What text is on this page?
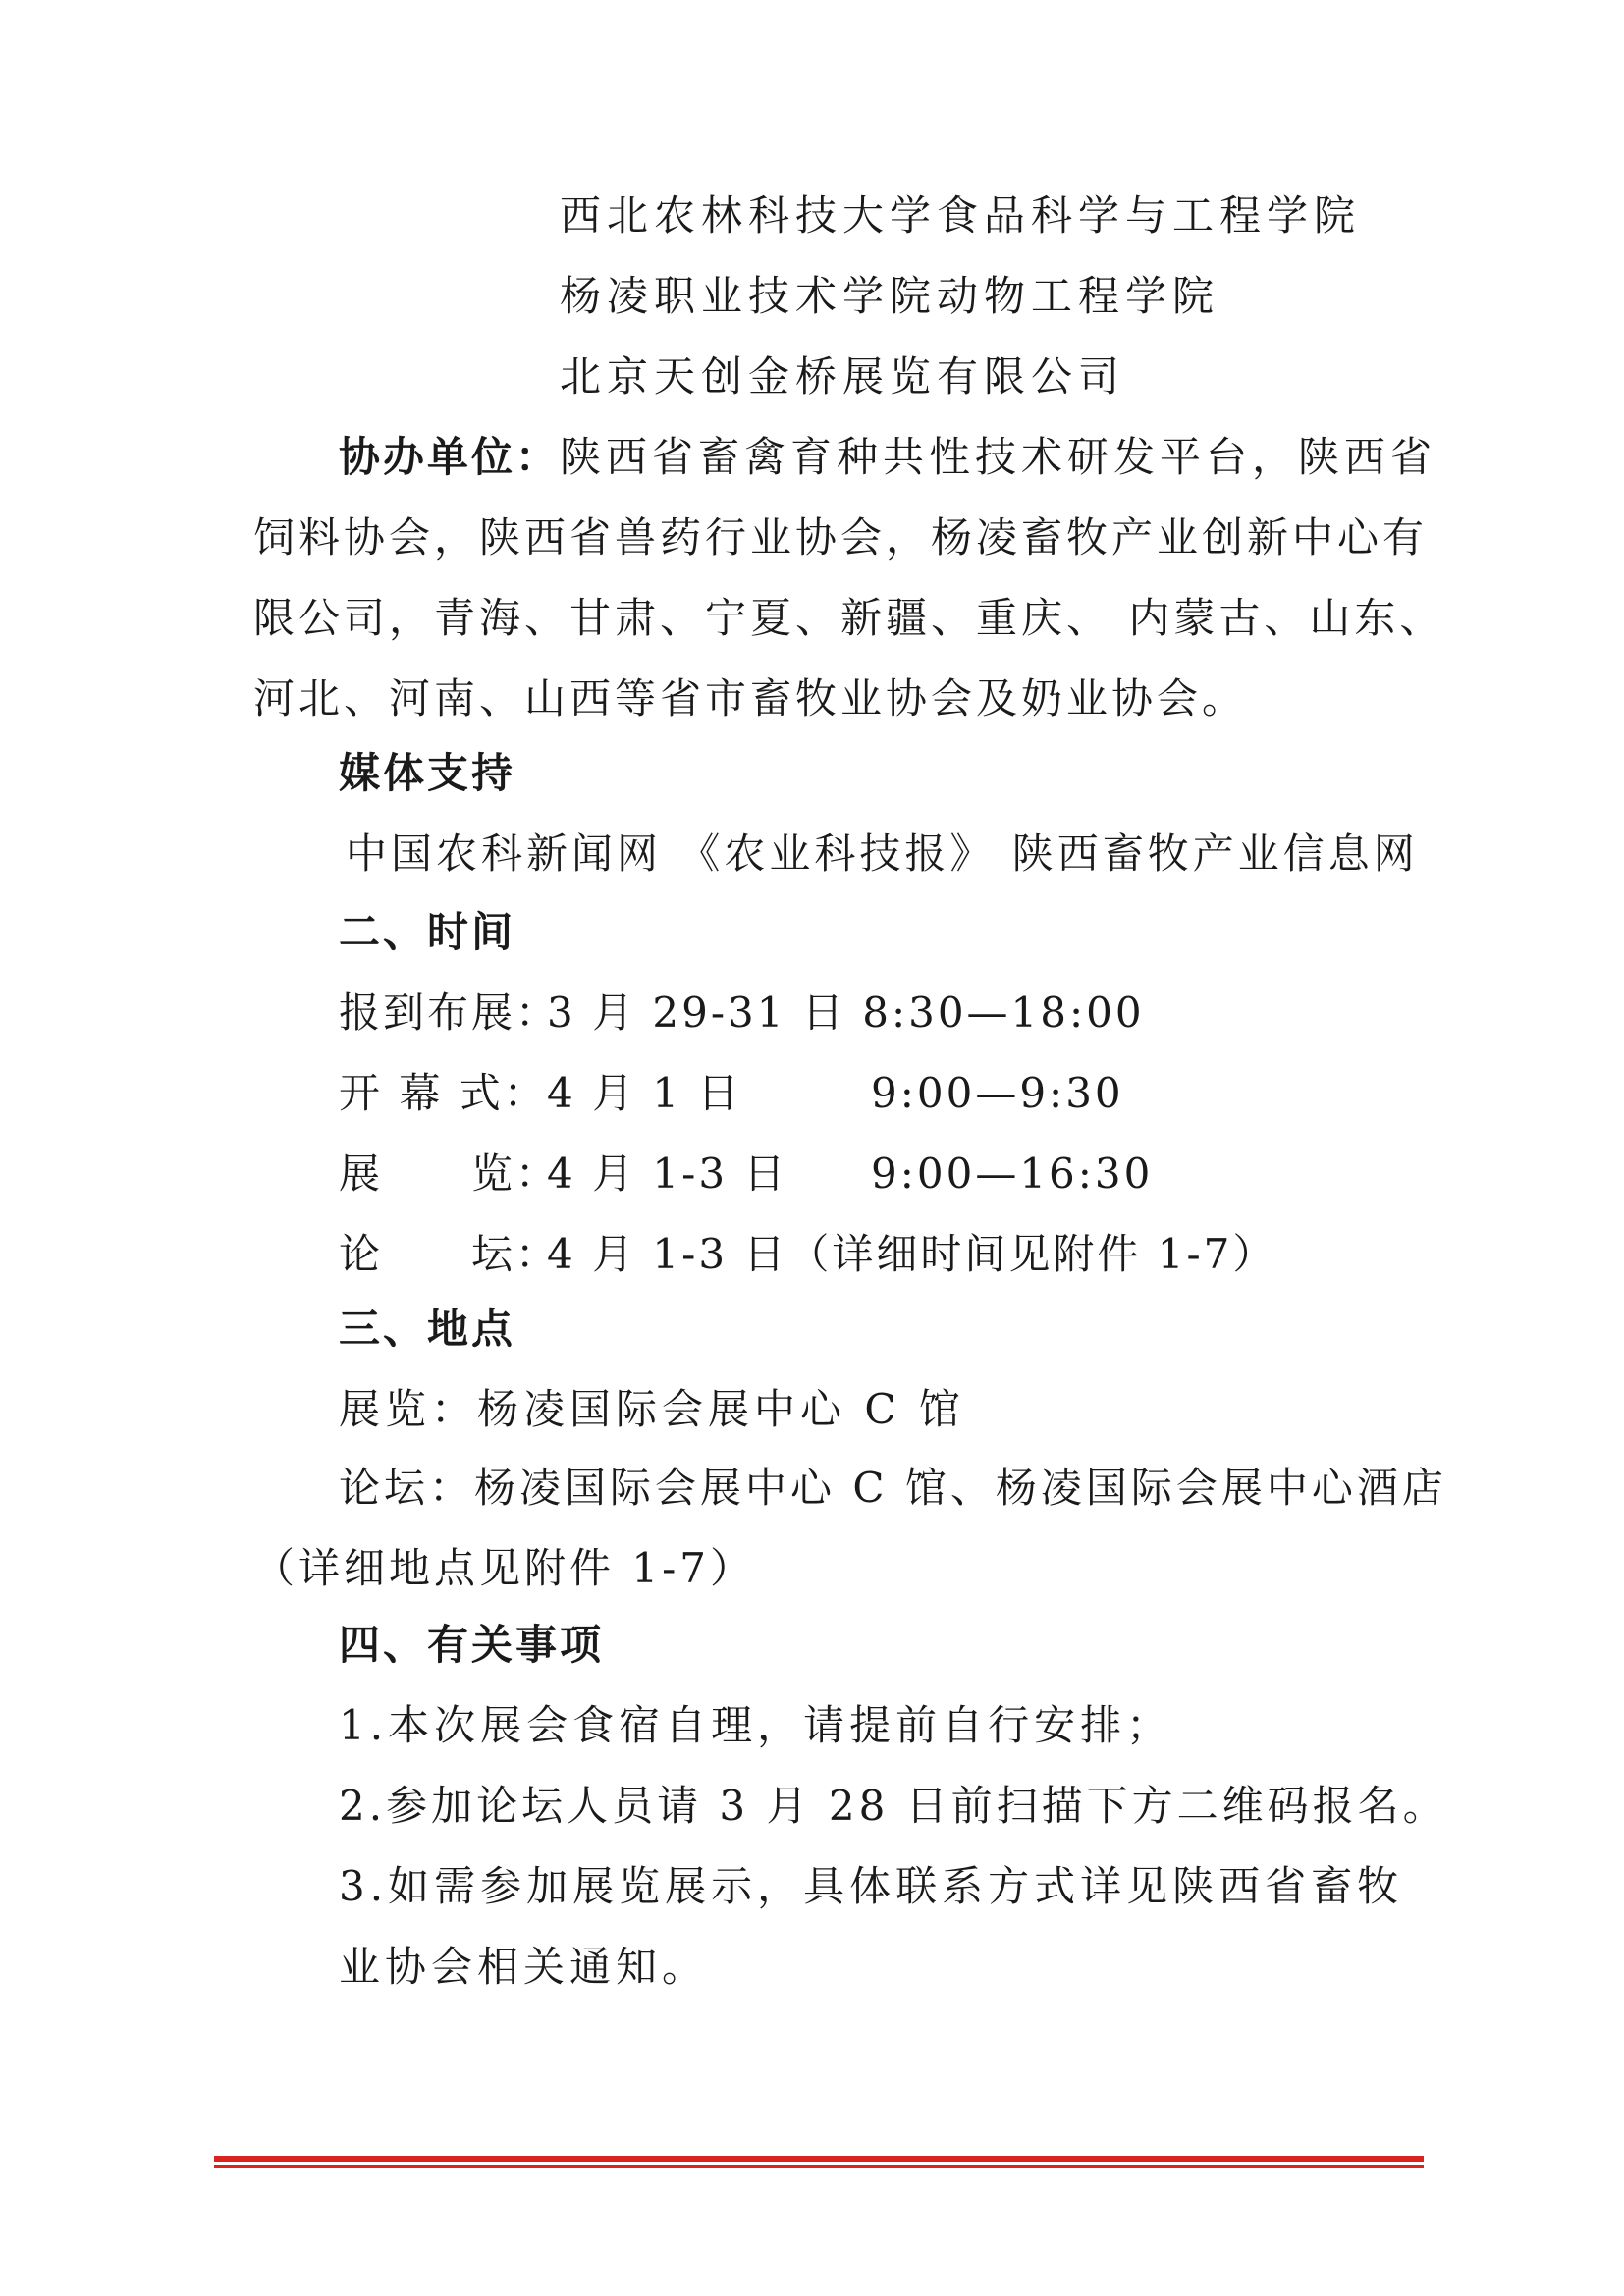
西北农林科技大学食品科学与工程学院
杨凌职业技术学院动物工程学院
北京天创金桥展览有限公司
协办单位：陕西省畜禽育种共性技术研发平台，陕西省
饲料协会，陕西省兽药行业协会，杨凌畜牧产业创新中心有
限公司，青海、甘肃、宁夏、新疆、重庆、 内蒙古、山东、
河北、河南、山西等省市畜牧业协会及奶业协会。
媒体支持
中国农科新闻网 《农业科技报》 陕西畜牧产业信息网
二、时间
报到布展：3 月 29-31 日 8:30—18:00
开 幕 式：4 月 1 日	9:00—9:30
展　　览：4 月 1-3 日 9:00—16:30
论　　坛：4 月 1-3 日（详细时间见附件 1-7）
三、地点
展览：杨凌国际会展中心 C 馆
论坛：杨凌国际会展中心 C 馆、杨凌国际会展中心酒店
（详细地点见附件 1-7）
四、有关事项
1.本次展会食宿自理，请提前自行安排；
2.参加论坛人员请 3 月 28 日前扫描下方二维码报名。
3.如需参加展览展示，具体联系方式详见陕西省畜牧
业协会相关通知。
